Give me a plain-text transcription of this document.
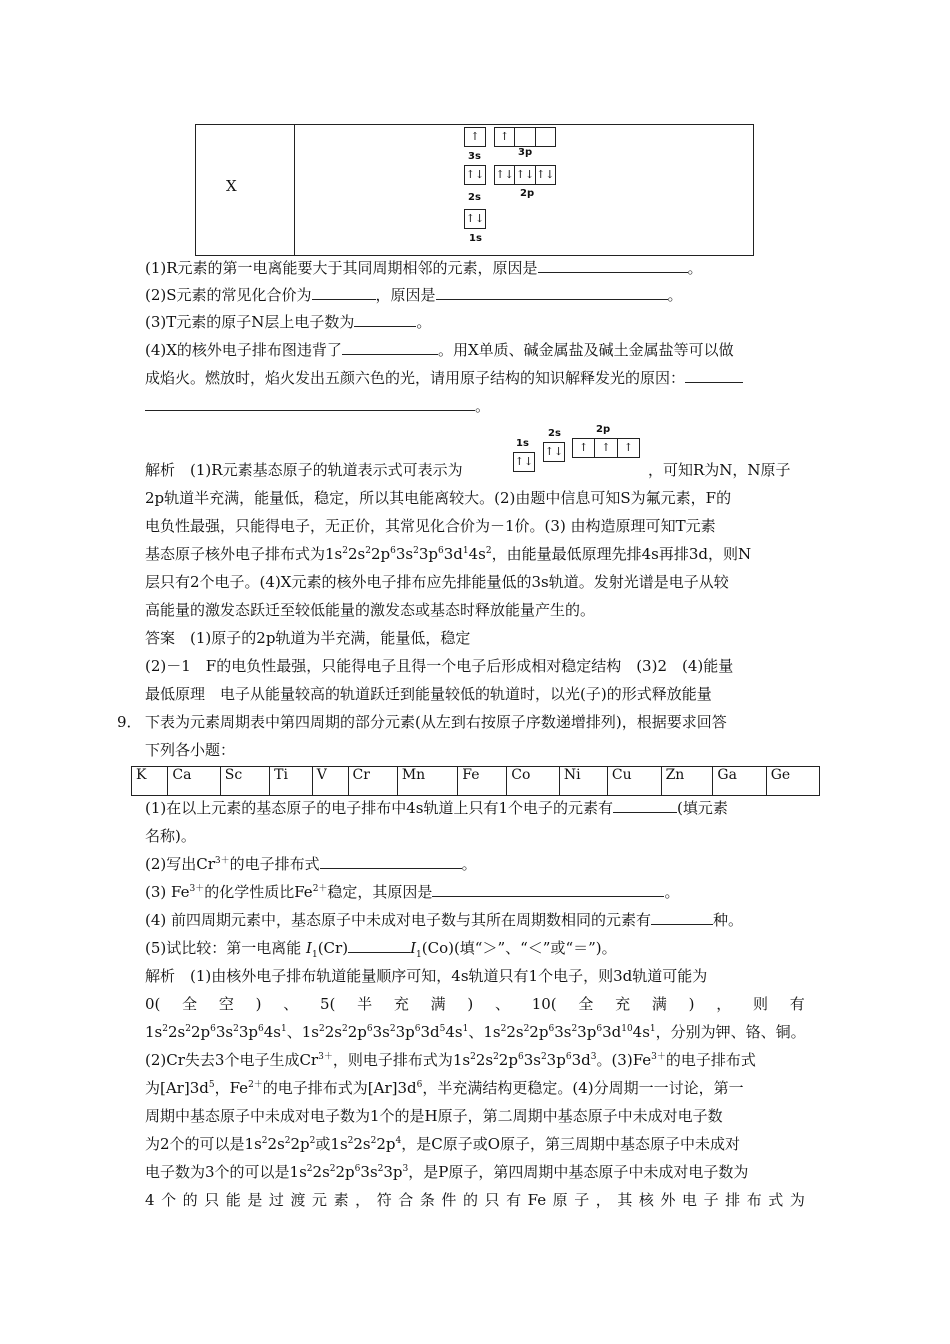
X
↑	↑
3s	3p
↑↓ ↑↓ ↑↓ ↑↓
2s	2p
↑↓
1s
(1)R元素的第一电离能要大于其同周期相邻的元素，原因是	。
(2)S元素的常见化合价为	，原因是	。
(3)T元素的原子N层上电子数为	。
(4)X的核外电子排布图违背了	。用X单质、碱金属盐及碱土金属盐等可以做
成焰火。燃放时，焰火发出五颜六色的光，请用原子结构的知识解释发光的原因：
。
解析　 (1)R元素基态原子的轨道表示式可表示为	↑↓
1s
↑↓
2s
↑	↑	↑
2p
，可知R为N，N原子
2p轨道半充满，能量低，稳定，所以其电能离较大。(2)由题中信息可知S为氟元素，F的
电负性最强，只能得电子，无正价，其常见化合价为－1价。(3) 由构造原理可知T元素
基态原子核外电子排布式为$1s^22s^22p^63s^23p^63d^14s^2$，由能量最低原理先排4s再排3d，则N
层只有2个电子。(4)X元素的核外电子排布应先排能量低的3s轨道。发射光谱是电子从较
高能量的激发态跃迁至较低能量的激发态或基态时释放能量产生的。
答案　 (1)原子的2p轨道为半充满，能量低，稳定
(2)－1　F的电负性最强，只能得电子且得一个电子后形成相对稳定结构　(3)2　(4)能量
最低原理　电子从能量较高的轨道跃迁到能量较低的轨道时，以光(子)的形式释放能量
9． 下表为元素周期表中第四周期的部分元素(从左到右按原子序数递增排列)，根据要求回答
下列各小题：
K	Ca	Sc	Ti	V	Cr	Mn	Fe	Co	Ni	Cu	Zn	Ga	Ge
(1)在以上元素的基态原子的电子排布中4s轨道上只有1个电子的元素有	(填元素
名称)。
(2)写出$Cr^{3+}$的电子排布式	。
(3) $Fe^{3+}$的化学性质比$Fe^{2+}$稳定，其原因是	。
(4) 前四周期元素中，基态原子中未成对电子数与其所在周期数相同的元素有	种。
(5)试比较：第一电离能 $I_1(Cr)$	$I_1(Co)$(填“＞”、“＜”或“＝”)。
解析　 (1)由核外电子排布轨道能量顺序可知，4s轨道只有1个电子，则3d轨道可能为
0( 全 空 ) 、 5( 半 充 满 ) 、 10( 全 充 满 ) ， 则 有
$1s^22s^22p^63s^23p^64s^1$、$1s^22s^22p^63s^23p^63d^54s^1$、$1s^22s^22p^63s^23p^63d^{10}4s^1$，分别为钾、铬、铜。
(2)Cr失去3个电子生成$Cr^{3+}$，则电子排布式为$1s^22s^22p^63s^23p^63d^3$。$(3)Fe^{3+}$的电子排布式
为$[Ar]3d^5$，$Fe^{2+}$的电子排布式为$[Ar]3d^6$，半充满结构更稳定。(4)分周期一一讨论，第一
周期中基态原子中未成对电子数为1个的是H原子，第二周期中基态原子中未成对电子数
为2个的可以是$1s^22s^22p^2$或$1s^22s^22p^4$，是C原子或O原子，第三周期中基态原子中未成对
电子数为3个的可以是$1s^22s^22p^63s^23p^3$，是P原子，第四周期中基态原子中未成对电子数为
4 个 的 只 能 是 过 渡 元 素 ， 符 合 条 件 的 只 有 Fe 原 子 ， 其 核 外 电 子 排 布 式 为
